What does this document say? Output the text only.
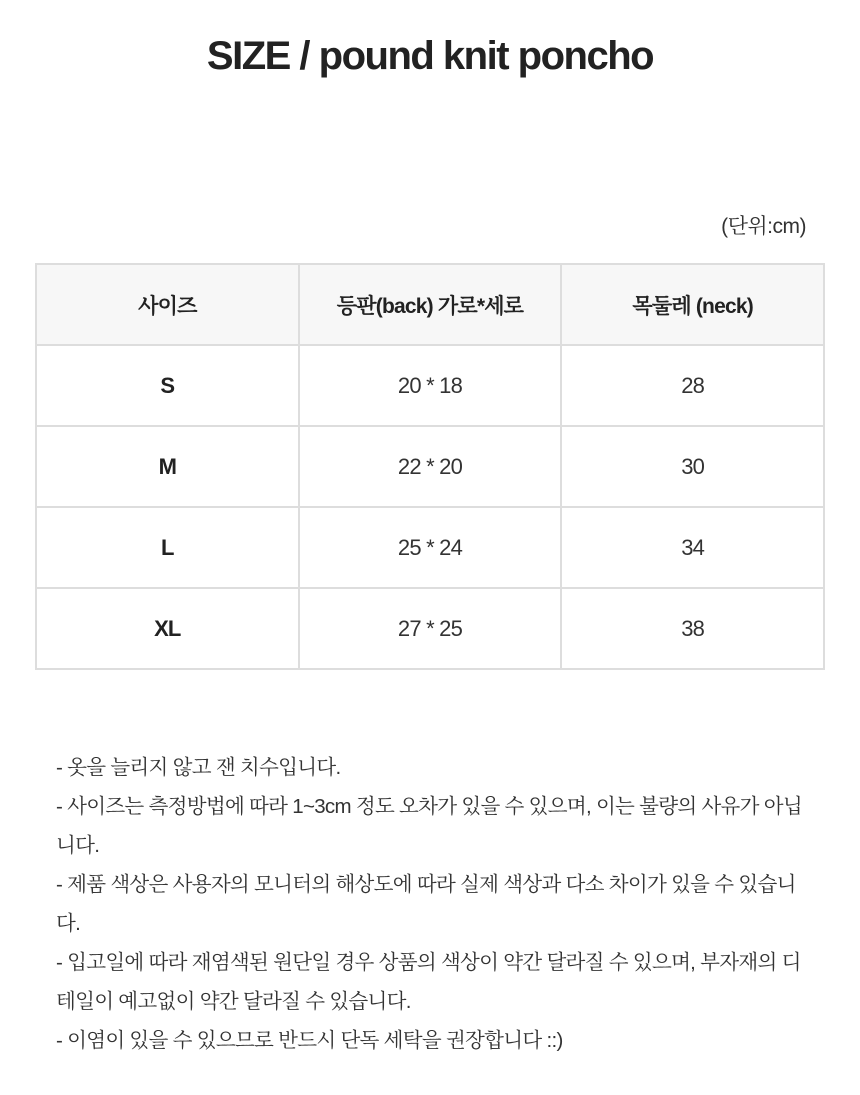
SIZE / pound knit poncho
(단위:cm)
사이즈	등판(back) 가로*세로	목둘레 (neck)
S	20 * 18	28
M	22 * 20	30
L	25 * 24	34
XL	27 * 25	38

- 옷을 늘리지 않고 잰 치수입니다.

- 사이즈는 측정방법에 따라 1~3cm 정도 오차가 있을 수 있으며, 이는 불량의 사유가 아닙니다.

- 제품 색상은 사용자의 모니터의 해상도에 따라 실제 색상과 다소 차이가 있을 수 있습니다.

- 입고일에 따라 재염색된 원단일 경우 상품의 색상이 약간 달라질 수 있으며, 부자재의 디테일이 예고없이 약간 달라질 수 있습니다.

- 이염이 있을 수 있으므로 반드시 단독 세탁을 권장합니다 ::)
